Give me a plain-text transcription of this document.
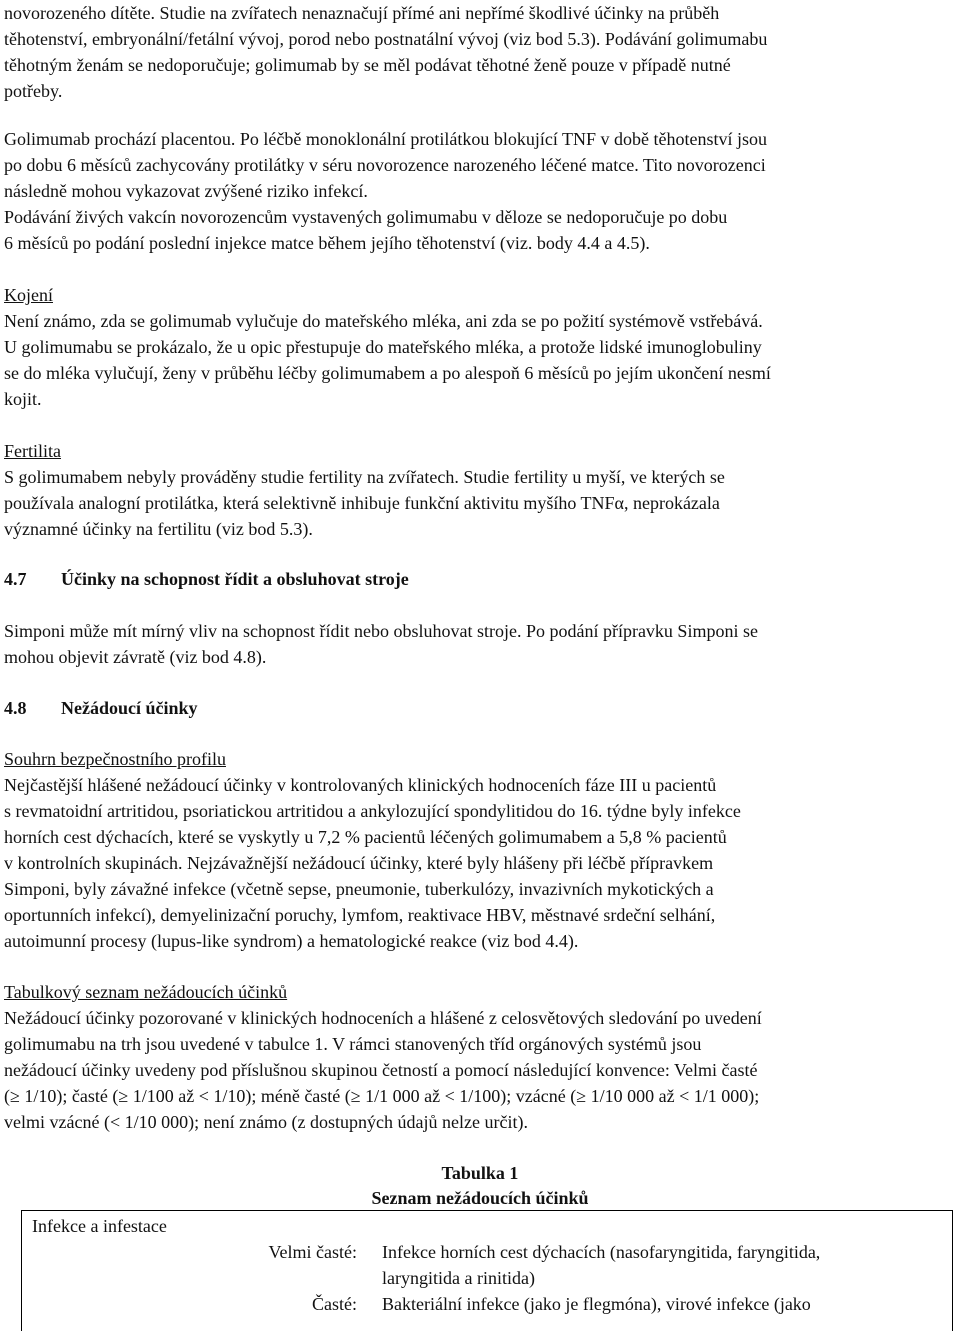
novorozeného dítěte. Studie na zvířatech nenaznačují přímé ani nepřímé škodlivé účinky na průběh
těhotenství, embryonální/fetální vývoj, porod nebo postnatální vývoj (viz bod 5.3). Podávání golimumabu
těhotným ženám se nedoporučuje; golimumab by se měl podávat těhotné ženě pouze v případě nutné
potřeby.
Golimumab prochází placentou. Po léčbě monoklonální protilátkou blokující TNF v době těhotenství jsou
po dobu 6 měsíců zachycovány protilátky v séru novorozence narozeného léčené matce. Tito novorozenci
následně mohou vykazovat zvýšené riziko infekcí.
Podávání živých vakcín novorozencům vystavených golimumabu v děloze se nedoporučuje po dobu
6 měsíců po podání poslední injekce matce během jejího těhotenství (viz. body 4.4 a 4.5).
Kojení
Není známo, zda se golimumab vylučuje do mateřského mléka, ani zda se po požití systémově vstřebává.
U golimumabu se prokázalo, že u opic přestupuje do mateřského mléka, a protože lidské imunoglobuliny
se do mléka vylučují, ženy v průběhu léčby golimumabem a po alespoň 6 měsíců po jejím ukončení nesmí
kojit.
Fertilita
S golimumabem nebyly prováděny studie fertility na zvířatech. Studie fertility u myší, ve kterých se
používala analogní protilátka, která selektivně inhibuje funkční aktivitu myšího TNFα, neprokázala
významné účinky na fertilitu (viz bod 5.3).
4.7 Účinky na schopnost řídit a obsluhovat stroje
Simponi může mít mírný vliv na schopnost řídit nebo obsluhovat stroje. Po podání přípravku Simponi se
mohou objevit závratě (viz bod 4.8).
4.8 Nežádoucí účinky
Souhrn bezpečnostního profilu
Nejčastější hlášené nežádoucí účinky v kontrolovaných klinických hodnoceních fáze III u pacientů
s revmatoidní artritidou, psoriatickou artritidou a ankylozující spondylitidou do 16. týdne byly infekce
horních cest dýchacích, které se vyskytly u 7,2 % pacientů léčených golimumabem a 5,8 % pacientů
v kontrolních skupinách. Nejzávažnější nežádoucí účinky, které byly hlášeny při léčbě přípravkem
Simponi, byly závažné infekce (včetně sepse, pneumonie, tuberkulózy, invazivních mykotických a
oportunních infekcí), demyelinizační poruchy, lymfom, reaktivace HBV, městnavé srdeční selhání,
autoimunní procesy (lupus-like syndrom) a hematologické reakce (viz bod 4.4).
Tabulkový seznam nežádoucích účinků
Nežádoucí účinky pozorované v klinických hodnoceních a hlášené z celosvětových sledování po uvedení
golimumabu na trh jsou uvedené v tabulce 1. V rámci stanovených tříd orgánových systémů jsou
nežádoucí účinky uvedeny pod příslušnou skupinou četností a pomocí následující konvence: Velmi časté
(≥ 1/10); časté (≥ 1/100 až < 1/10); méně časté (≥ 1/1 000 až < 1/100); vzácné (≥ 1/10 000 až < 1/1 000);
velmi vzácné (< 1/10 000); není známo (z dostupných údajů nelze určit).
Tabulka 1
Seznam nežádoucích účinků
Infekce a infestace
Velmi časté: Infekce horních cest dýchacích (nasofaryngitida, faryngitida,
laryngitida a rinitida)
Časté: Bakteriální infekce (jako je flegmóna), virové infekce (jako
